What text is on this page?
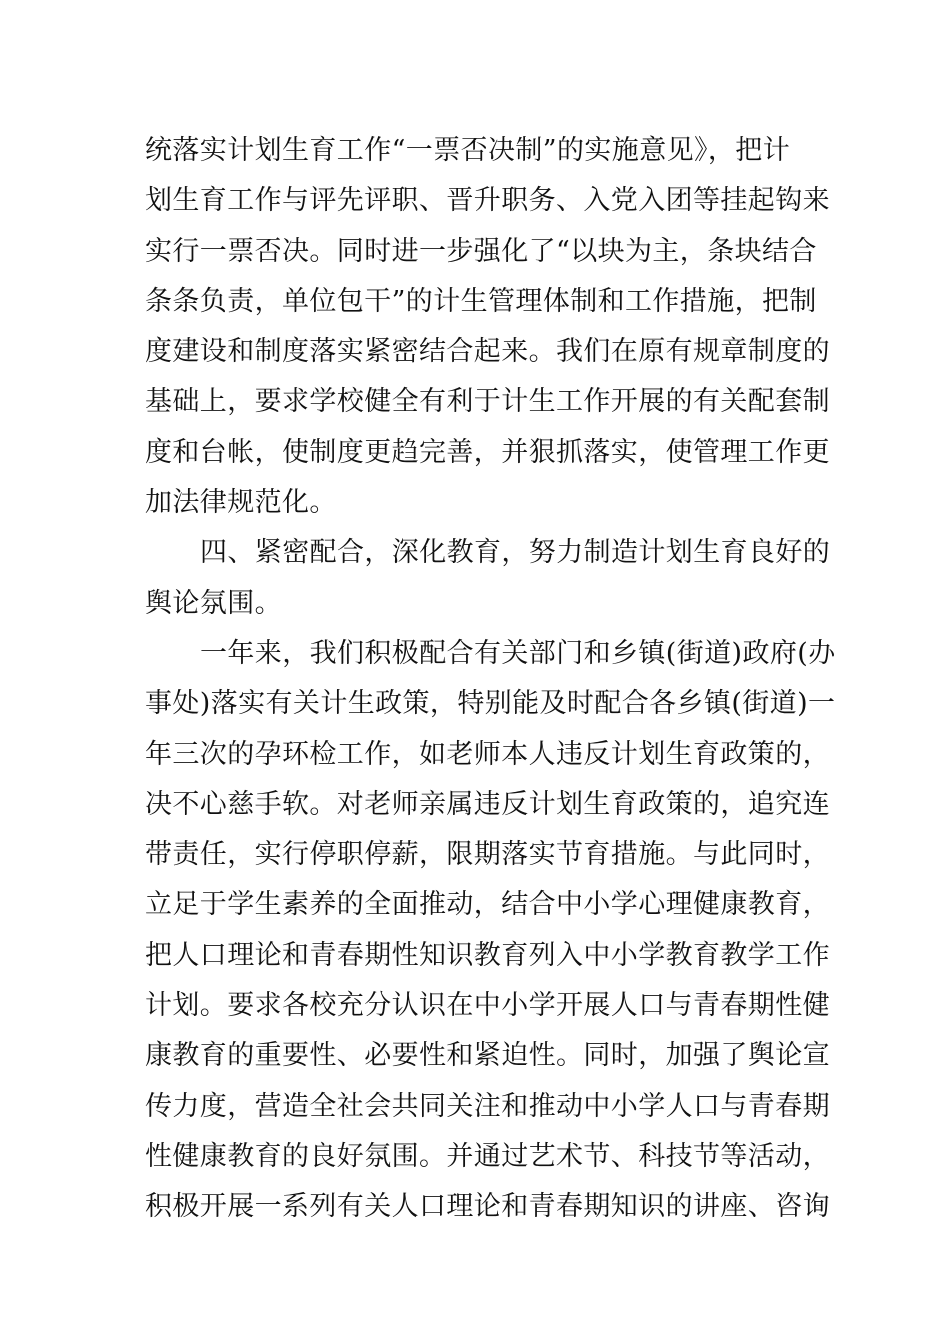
统落实计划生育工作“一票否决制”的实施意见》，把计
划生育工作与评先评职、晋升职务、入党入团等挂起钩来
实行一票否决。同时进一步强化了“以块为主，条块结合
条条负责，单位包干”的计生管理体制和工作措施，把制
度建设和制度落实紧密结合起来。我们在原有规章制度的
基础上，要求学校健全有利于计生工作开展的有关配套制
度和台帐，使制度更趋完善，并狠抓落实，使管理工作更
加法律规范化。
四、紧密配合，深化教育，努力制造计划生育良好的
舆论氛围。
一年来，我们积极配合有关部门和乡镇(街道)政府(办
事处)落实有关计生政策，特别能及时配合各乡镇(街道)一
年三次的孕环检工作，如老师本人违反计划生育政策的，
决不心慈手软。对老师亲属违反计划生育政策的，追究连
带责任，实行停职停薪，限期落实节育措施。与此同时，
立足于学生素养的全面推动，结合中小学心理健康教育，
把人口理论和青春期性知识教育列入中小学教育教学工作
计划。要求各校充分认识在中小学开展人口与青春期性健
康教育的重要性、必要性和紧迫性。同时，加强了舆论宣
传力度，营造全社会共同关注和推动中小学人口与青春期
性健康教育的良好氛围。并通过艺术节、科技节等活动，
积极开展一系列有关人口理论和青春期知识的讲座、咨询
